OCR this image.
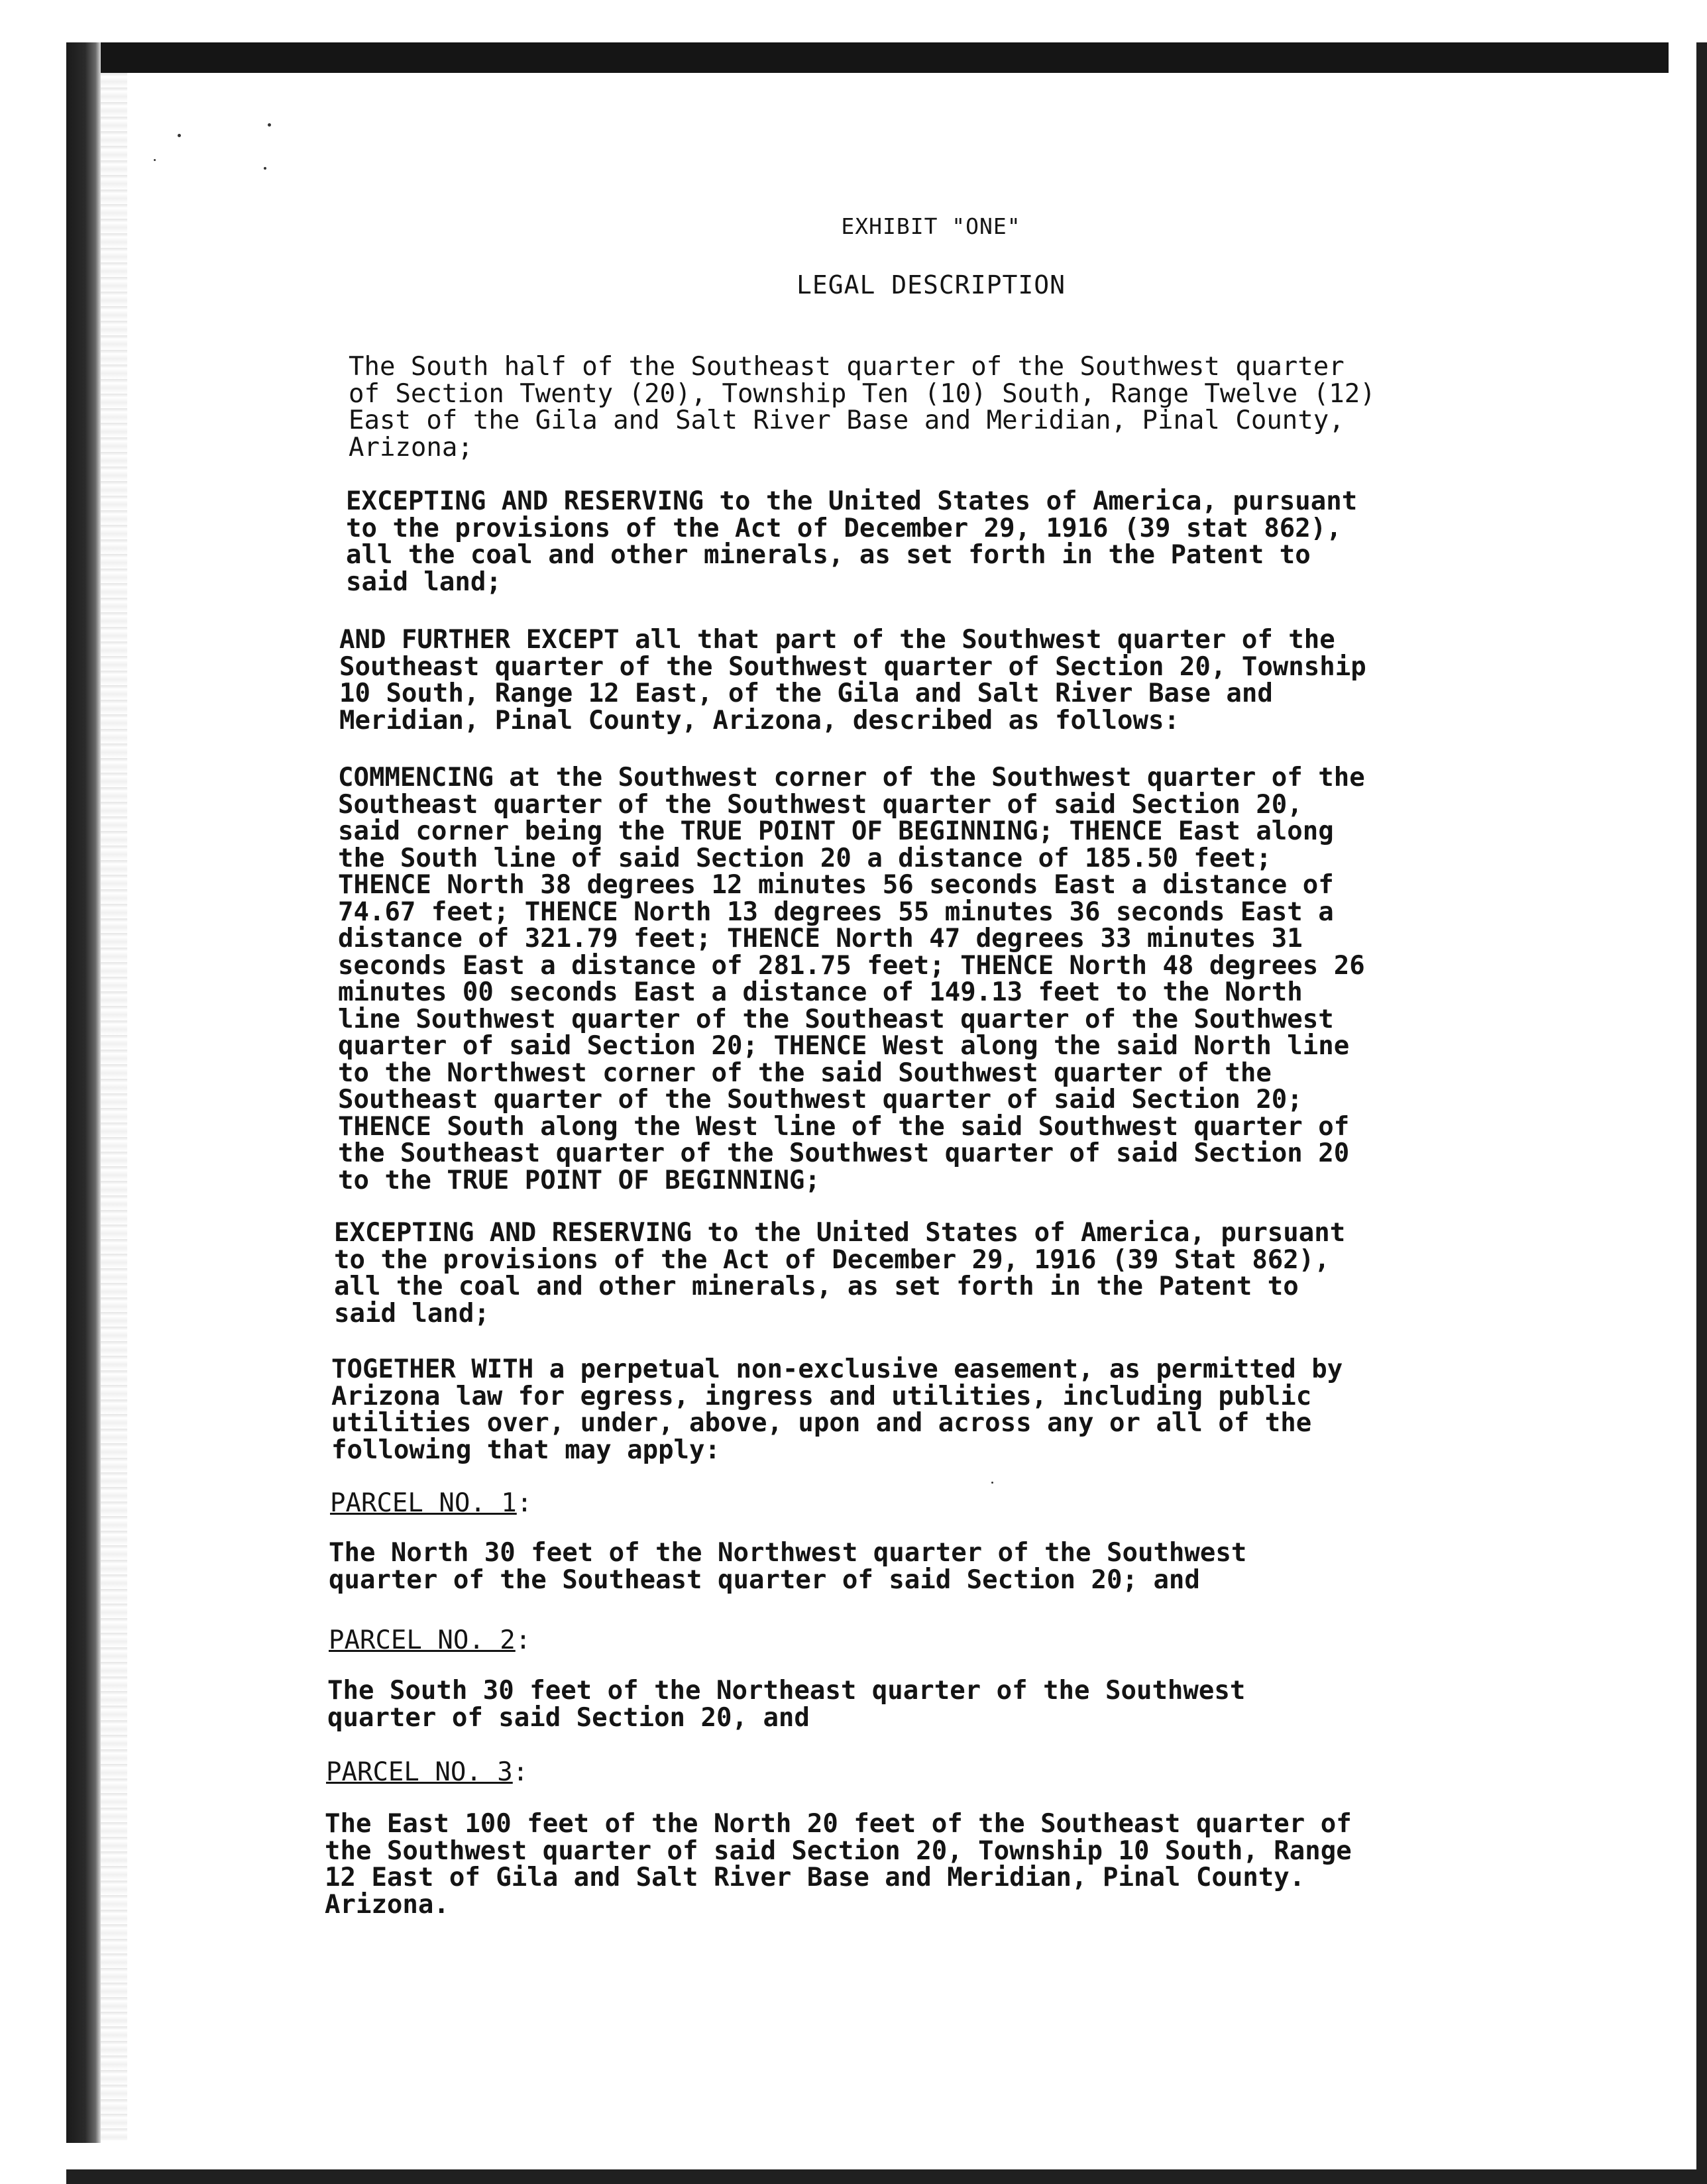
EXHIBIT "ONE"
LEGAL DESCRIPTION

The South half of the Southeast quarter of the Southwest quarter
of Section Twenty (20), Township Ten (10) South, Range Twelve (12)
East of the Gila and Salt River Base and Meridian, Pinal County,
Arizona;

EXCEPTING AND RESERVING to the United States of America, pursuant
to the provisions of the Act of December 29, 1916 (39 stat 862),
all the coal and other minerals, as set forth in the Patent to
said land;

AND FURTHER EXCEPT all that part of the Southwest quarter of the
Southeast quarter of the Southwest quarter of Section 20, Township
10 South, Range 12 East, of the Gila and Salt River Base and
Meridian, Pinal County, Arizona, described as follows:

COMMENCING at the Southwest corner of the Southwest quarter of the
Southeast quarter of the Southwest quarter of said Section 20,
said corner being the TRUE POINT OF BEGINNING; THENCE East along
the South line of said Section 20 a distance of 185.50 feet;
THENCE North 38 degrees 12 minutes 56 seconds East a distance of
74.67 feet; THENCE North 13 degrees 55 minutes 36 seconds East a
distance of 321.79 feet; THENCE North 47 degrees 33 minutes 31
seconds East a distance of 281.75 feet; THENCE North 48 degrees 26
minutes 00 seconds East a distance of 149.13 feet to the North
line Southwest quarter of the Southeast quarter of the Southwest
quarter of said Section 20; THENCE West along the said North line
to the Northwest corner of the said Southwest quarter of the
Southeast quarter of the Southwest quarter of said Section 20;
THENCE South along the West line of the said Southwest quarter of
the Southeast quarter of the Southwest quarter of said Section 20
to the TRUE POINT OF BEGINNING;

EXCEPTING AND RESERVING to the United States of America, pursuant
to the provisions of the Act of December 29, 1916 (39 Stat 862),
all the coal and other minerals, as set forth in the Patent to
said land;

TOGETHER WITH a perpetual non-exclusive easement, as permitted by
Arizona law for egress, ingress and utilities, including public
utilities over, under, above, upon and across any or all of the
following that may apply:

PARCEL NO. 1:

The North 30 feet of the Northwest quarter of the Southwest
quarter of the Southeast quarter of said Section 20; and

PARCEL NO. 2:

The South 30 feet of the Northeast quarter of the Southwest
quarter of said Section 20, and

PARCEL NO. 3:

The East 100 feet of the North 20 feet of the Southeast quarter of
the Southwest quarter of said Section 20, Township 10 South, Range
12 East of Gila and Salt River Base and Meridian, Pinal County.
Arizona.
